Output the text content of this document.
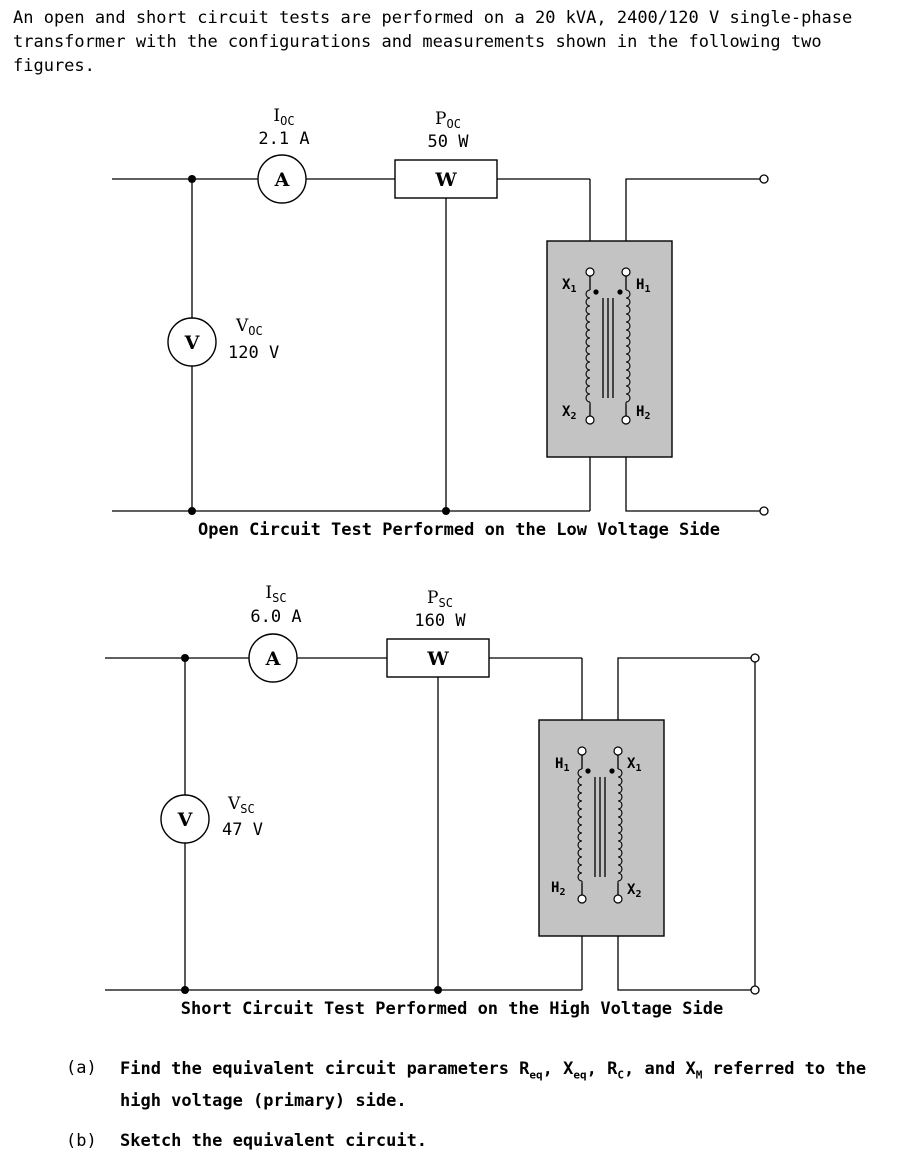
An open and short circuit tests are performed on a 20 kVA, 2400/120 V single-phase transformer with the configurations and measurements shown in the following two figures.

A	W
V
$I_{OC}$
2.1 A
$P_{OC}$
50 W
$V_{OC}$
120 V
$X_1$
$X_2$
$H_1$
$H_2$
Open Circuit Test Performed on the Low Voltage Side
A	W
V
$I_{SC}$
6.0 A
$P_{SC}$
160 W
$V_{SC}$
47 V
$H_1$
$H_2$
$X_1$
$X_2$
Short Circuit Test Performed on the High Voltage Side
(a) Find the equivalent circuit parameters $R_{eq}$, $X_{eq}$, $R_C$, and $X_M$ referred to the high voltage (primary) side.
(b) Sketch the equivalent circuit.
